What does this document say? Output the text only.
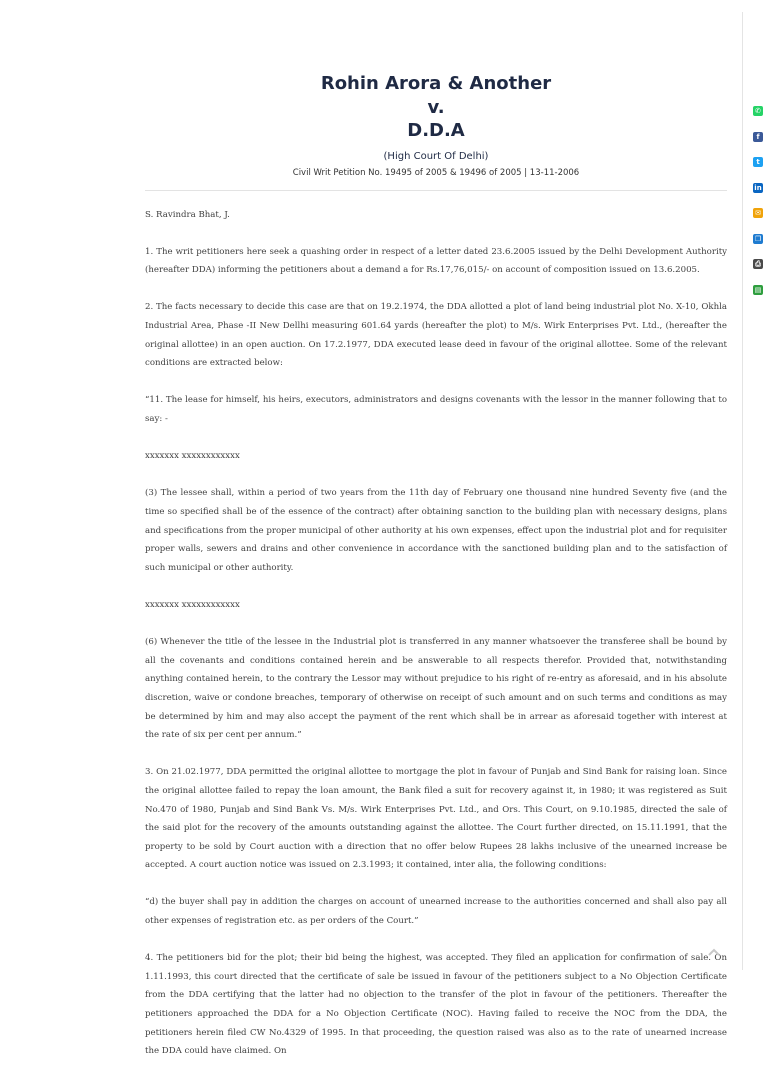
Rohin Arora & Another
v.
D.D.A
(High Court Of Delhi)
Civil Writ Petition No. 19495 of 2005 & 19496 of 2005 | 13-11-2006

S. Ravindra Bhat, J.

1. The writ petitioners here seek a quashing order in respect of a letter dated 23.6.2005 issued by the Delhi Development Authority (hereafter DDA) informing the petitioners about a demand a for Rs.17,76,015/- on account of composition issued on 13.6.2005.

2. The facts necessary to decide this case are that on 19.2.1974, the DDA allotted a plot of land being industrial plot No. X-10, Okhla Industrial Area, Phase -II New Dellhi measuring 601.64 yards (hereafter the plot) to M/s. Wirk Enterprises Pvt. Ltd., (hereafter the original allottee) in an open auction. On 17.2.1977, DDA executed lease deed in favour of the original allottee. Some of the relevant conditions are extracted below:

“11. The lease for himself, his heirs, executors, administrators and designs covenants with the lessor in the manner following that to say: -

xxxxxxx xxxxxxxxxxxx

(3) The lessee shall, within a period of two years from the 11th day of February one thousand nine hundred Seventy five (and the time so specified shall be of the essence of the contract) after obtaining sanction to the building plan with necessary designs, plans and specifications from the proper municipal of other authority at his own expenses, effect upon the industrial plot and for requisiter proper walls, sewers and drains and other convenience in accordance with the sanctioned building plan and to the satisfaction of such municipal or other authority.

xxxxxxx xxxxxxxxxxxx

(6) Whenever the title of the lessee in the Industrial plot is transferred in any manner whatsoever the transferee shall be bound by all the covenants and conditions contained herein and be answerable to all respects therefor. Provided that, notwithstanding anything contained herein, to the contrary the Lessor may without prejudice to his right of re-entry as aforesaid, and in his absolute discretion, waive or condone breaches, temporary of otherwise on receipt of such amount and on such terms and conditions as may be determined by him and may also accept the payment of the rent which shall be in arrear as aforesaid together with interest at the rate of six per cent per annum.”

3. On 21.02.1977, DDA permitted the original allottee to mortgage the plot in favour of Punjab and Sind Bank for raising loan. Since the original allottee failed to repay the loan amount, the Bank filed a suit for recovery against it, in 1980; it was registered as Suit No.470 of 1980, Punjab and Sind Bank Vs. M/s. Wirk Enterprises Pvt. Ltd., and Ors. This Court, on 9.10.1985, directed the sale of the said plot for the recovery of the amounts outstanding against the allottee. The Court further directed, on 15.11.1991, that the property to be sold by Court auction with a direction that no offer below Rupees 28 lakhs inclusive of the unearned increase be accepted. A court auction notice was issued on 2.3.1993; it contained, inter alia, the following conditions:

“d) the buyer shall pay in addition the charges on account of unearned increase to the authorities concerned and shall also pay all other expenses of registration etc. as per orders of the Court.”

4. The petitioners bid for the plot; their bid being the highest, was accepted. They filed an application for confirmation of sale. On 1.11.1993, this court directed that the certificate of sale be issued in favour of the petitioners subject to a No Objection Certificate from the DDA certifying that the latter had no objection to the transfer of the plot in favour of the petitioners. Thereafter the petitioners approached the DDA for a No Objection Certificate (NOC). Having failed to receive the NOC from the DDA, the petitioners herein filed CW No.4329 of 1995. In that proceeding, the question raised was also as to the rate of unearned increase the DDA could have claimed. On

✆
f
t
in
✉
❐
⎙
▤
